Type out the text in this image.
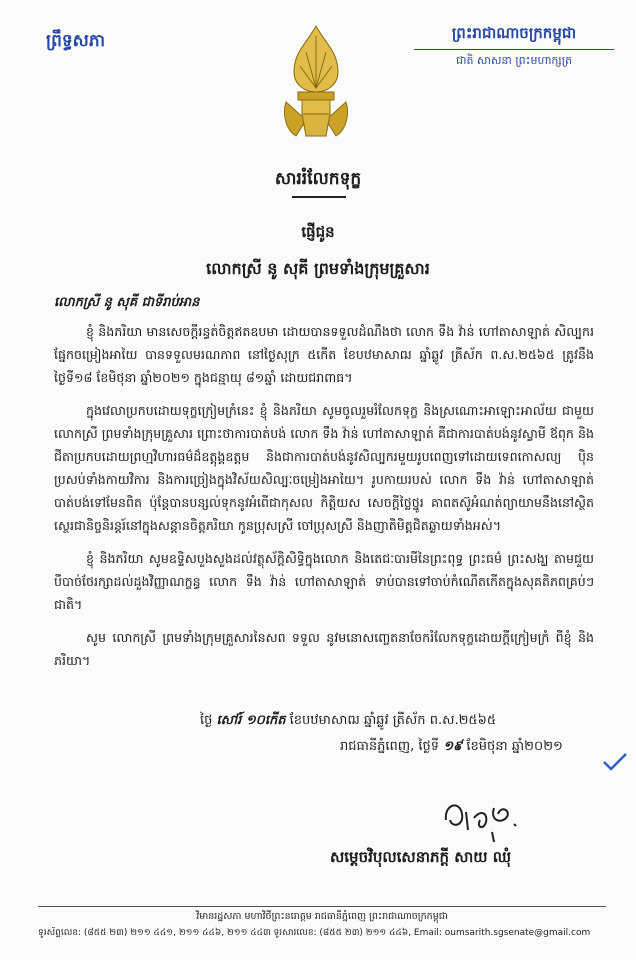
ព្រឹទ្ធសភា	ព្រះរាជាណាចក្រកម្ពុជា
ជាតិ សាសនា ព្រះមហាក្សត្រ
សាររំលែកទុក្ខ
ផ្ញើជូន
លោកស្រី នូ សុគី ព្រមទាំងក្រុមគ្រួសារ
លោកស្រី នូ សុគី ជាទីរាប់អាន

ខ្ញុំ និងភរិយា មានសេចក្តីរន្ធត់ចិត្តឥតឧបមា ដោយបានទទួលដំណឹងថា លោក ទឹង វ៉ាន់ ហៅតាសាឡាត់ សិល្បករផ្នែកចម្រៀងអាយៃ បានទទួលមរណភាព នៅថ្ងៃសុក្រ ៥កើត ខែបឋមាសាឍ ឆ្នាំឆ្លូវ ត្រីស័ក ព.ស.២៥៦៥ ត្រូវនឹងថ្ងៃទី១៨ ខែមិថុនា ឆ្នាំ២០២១ ក្នុងជន្មាយុ ៨១ឆ្នាំ ដោយជរាពាធ។

ក្នុងវេលាប្រកបដោយទុក្ខក្រៀមក្រំនេះ ខ្ញុំ និងភរិយា សូមចូលរួមរំលែកទុក្ខ និងស្រណោះអាឡោះអាល័យ ជាមួយលោកស្រី ព្រមទាំងក្រុមគ្រួសារ ព្រោះថាការបាត់បង់ លោក ទឹង វ៉ាន់ ហៅតាសាឡាត់ គឺជាការបាត់បង់នូវស្វាមី ឪពុក និងជីតាប្រកបដោយព្រហ្មវិហារធម៌ដ៏ឧត្តុង្គឧត្តម និងជាការបាត់បង់នូវសិល្បករមួយរូបពេញទៅដោយទេពកោសល្យ ប៉ិនប្រសប់ទាំងកាយវិការ និងការច្រៀងក្នុងវិស័យសិល្បៈចម្រៀងអាយៃ។ រូបកាយរបស់ លោក ទឹង វ៉ាន់ ហៅតាសាឡាត់ បាត់បង់ទៅមែនពិត ប៉ុន្តែបានបន្សល់ទុកនូវអំពើជាកុសល កិត្តិយស សេចក្តីថ្លៃថ្នូរ គាពតស៊ូអំណត់ព្យាយាមនឹងនៅស្ថិតស្ថេរជានិច្ចនិរន្តរ៍នៅក្នុងសន្តានចិត្តភរិយា កូនប្រុសស្រី ចៅប្រុសស្រី និងញាតិមិត្តជិតឆ្ងាយទាំងអស់។

ខ្ញុំ និងភរិយា សូមឧទ្ទិសបួងសួងដល់វត្ថុស័ក្តិសិទ្ធិក្នុងលោក និងតេជៈបារមីនៃព្រះពុទ្ធ ព្រះធម៌ ព្រះសង្ឃ តាមជួយបីបាច់ថែរក្សាដល់ដួងវិញ្ញាណក្ខន្ធ លោក ទឹង វ៉ាន់ ហៅតាសាឡាត់ ទាប់បានទៅចាប់កំណើតកើតក្នុងសុគតិភពគ្រប់ៗជាតិ។

សូម លោកស្រី ព្រមទាំងក្រុមគ្រួសារនៃសព ទទួល នូវមនោសញ្ចេតនាចែករំលែកទុក្ខដោយក្តីក្រៀមក្រំ ពីខ្ញុំ និងភរិយា។

ថ្ងៃ សៅរ៍ ១០កើត ខែបឋមាសាឍ ឆ្នាំឆ្លូវ ត្រីស័ក ព.ស.២៥៦៥
រាជធានីភ្នំពេញ, ថ្ងៃទី ១៩ ខែមិថុនា ឆ្នាំ២០២១
សម្តេចវិបុលសេនាភក្តី សាយ ឈុំ
វិមានរដ្ឋសភា មហាវិថីព្រះនរោត្តម រាជធានីភ្នំពេញ ព្រះរាជាណាចក្រកម្ពុជា
ទូរស័ព្ទលេខ: (៨៥៥ ២៣) ២១១ ៤៤១, ២១១ ៤៤៦, ២១១ ៤៤៣ ទូរសារលេខ: (៨៥៥ ២៣) ២១១ ៤៤៦, Email: oumsarith.sgsenate@gmail.com
